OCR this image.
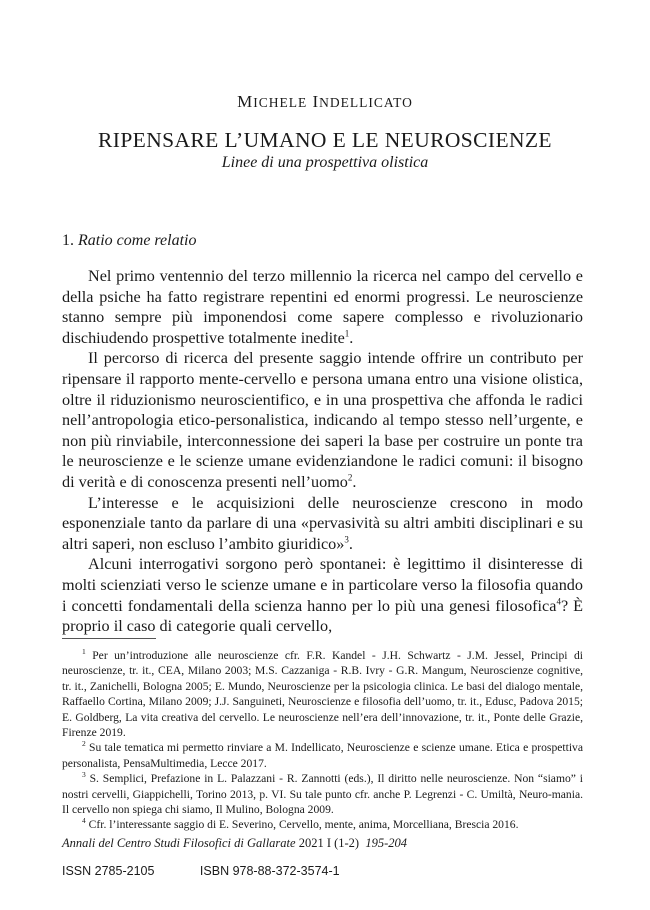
MICHELE INDELLICATO
RIPENSARE L’UMANO E LE NEUROSCIENZE
Linee di una prospettiva olistica
1. Ratio come relatio

Nel primo ventennio del terzo millennio la ricerca nel campo del cervello e della psiche ha fatto registrare repentini ed enormi progressi. Le neuroscienze stanno sempre più imponendosi come sapere complesso e rivoluzionario dischiudendo prospettive totalmente inedite$^1$.

Il percorso di ricerca del presente saggio intende offrire un contributo per ripensare il rapporto mente-cervello e persona umana entro una visione olistica, oltre il riduzionismo neuroscientifico, e in una prospettiva che affonda le radici nell’antropologia etico-personalistica, indicando al tempo stesso nell’urgente, e non più rinviabile, interconnessione dei saperi la base per costruire un ponte tra le neuroscienze e le scienze umane evidenziandone le radici comuni: il bisogno di verità e di conoscenza presenti nell’uomo$^2$.

L’interesse e le acquisizioni delle neuroscienze crescono in modo esponenziale tanto da parlare di una «pervasività su altri ambiti disciplinari e su altri saperi, non escluso l’ambito giuridico»$^3$.

Alcuni interrogativi sorgono però spontanei: è legittimo il disinteresse di molti scienziati verso le scienze umane e in particolare verso la filosofia quando i concetti fondamentali della scienza hanno per lo più una genesi filosofica$^4$? È proprio il caso di categorie quali cervello,

$^1$ Per un’introduzione alle neuroscienze cfr. F.R. Kandel - J.H. Schwartz - J.M. Jessel, Principi di neuroscienze, tr. it., CEA, Milano 2003; M.S. Cazzaniga - R.B. Ivry - G.R. Mangum, Neuroscienze cognitive, tr. it., Zanichelli, Bologna 2005; E. Mundo, Neuroscienze per la psicologia clinica. Le basi del dialogo mentale, Raffaello Cortina, Milano 2009; J.J. Sanguineti, Neuroscienze e filosofia dell’uomo, tr. it., Edusc, Padova 2015; E. Goldberg, La vita creativa del cervello. Le neuroscienze nell’era dell’innovazione, tr. it., Ponte delle Grazie, Firenze 2019.

$^2$ Su tale tematica mi permetto rinviare a M. Indellicato, Neuroscienze e scienze umane. Etica e prospettiva personalista, PensaMultimedia, Lecce 2017.

$^3$ S. Semplici, Prefazione in L. Palazzani - R. Zannotti (eds.), Il diritto nelle neuroscienze. Non “siamo” i nostri cervelli, Giappichelli, Torino 2013, p. VI. Su tale punto cfr. anche P. Legrenzi - C. Umiltà, Neuro-mania. Il cervello non spiega chi siamo, Il Mulino, Bologna 2009.

$^4$ Cfr. l’interessante saggio di E. Severino, Cervello, mente, anima, Morcelliana, Brescia 2016.

Annali del Centro Studi Filosofici di Gallarate 2021 I (1-2) 195-204
ISSN 2785-2105	ISBN 978-88-372-3574-1
